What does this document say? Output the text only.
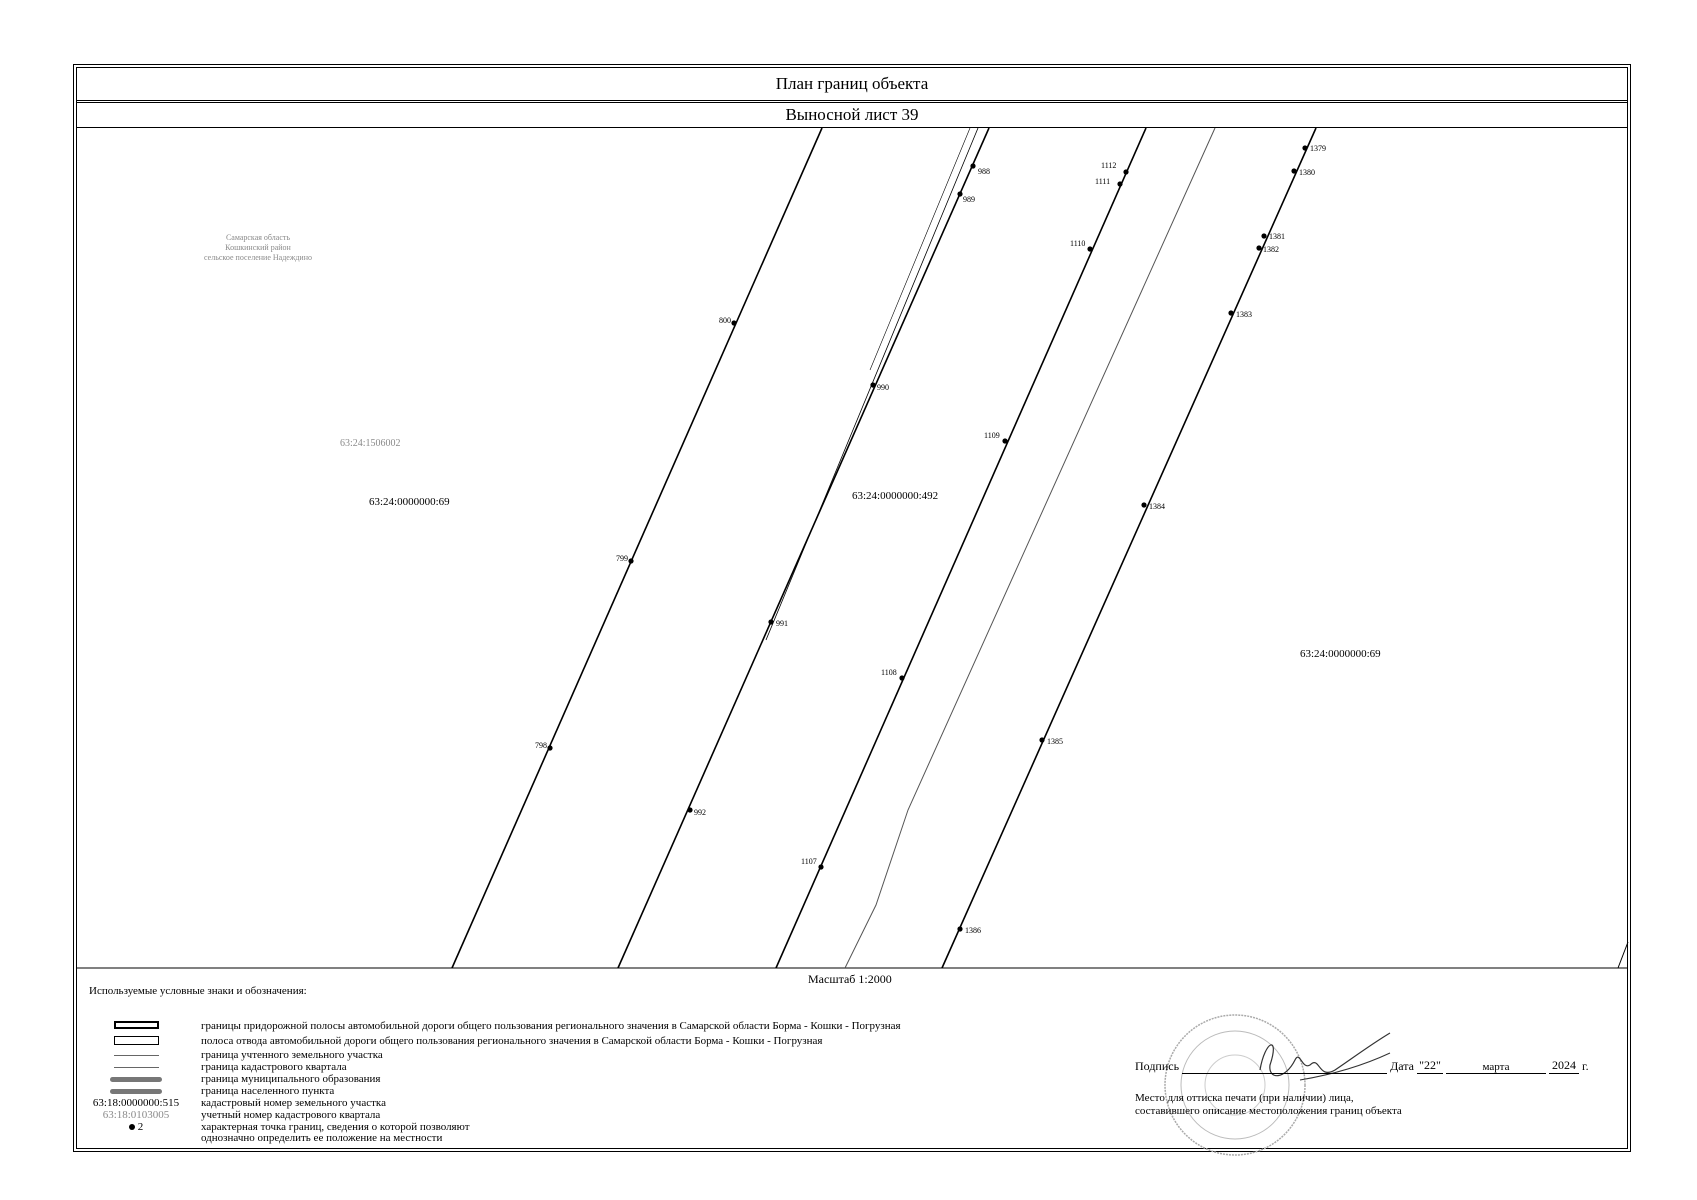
План границ объекта
Выносной лист 39
Самарская область
Кошкинский район
сельское поселение Надеждино
63:24:1506002
63:24:0000000:69	63:24:0000000:492
63:24:0000000:69
800
799
798
988
989
990
991
992
1112
1111
1110
1109
1108
1107
1379
1380
1381
1382
1383
1384
1385
1386
Масштаб 1:2000
Используемые условные знаки и обозначения:
границы придорожной полосы автомобильной дороги общего пользования регионального значения в Самарской области Борма - Кошки - Погрузная
полоса отвода автомобильной дороги общего пользования регионального значения в Самарской области Борма - Кошки - Погрузная
граница учтенного земельного участка
граница кадастрового квартала
граница муниципального образования
граница населенного пункта
63:18:0000000:515	кадастровый номер земельного участка
63:18:0103005	учетный номер кадастрового квартала
2	характерная точка границ, сведения о которой позволяют
однозначно определить ее положение на местности
Подпись	Дата "22"	марта	2024 г.
Место для оттиска печати (при наличии) лица,
составившего описание местоположения границ объекта
